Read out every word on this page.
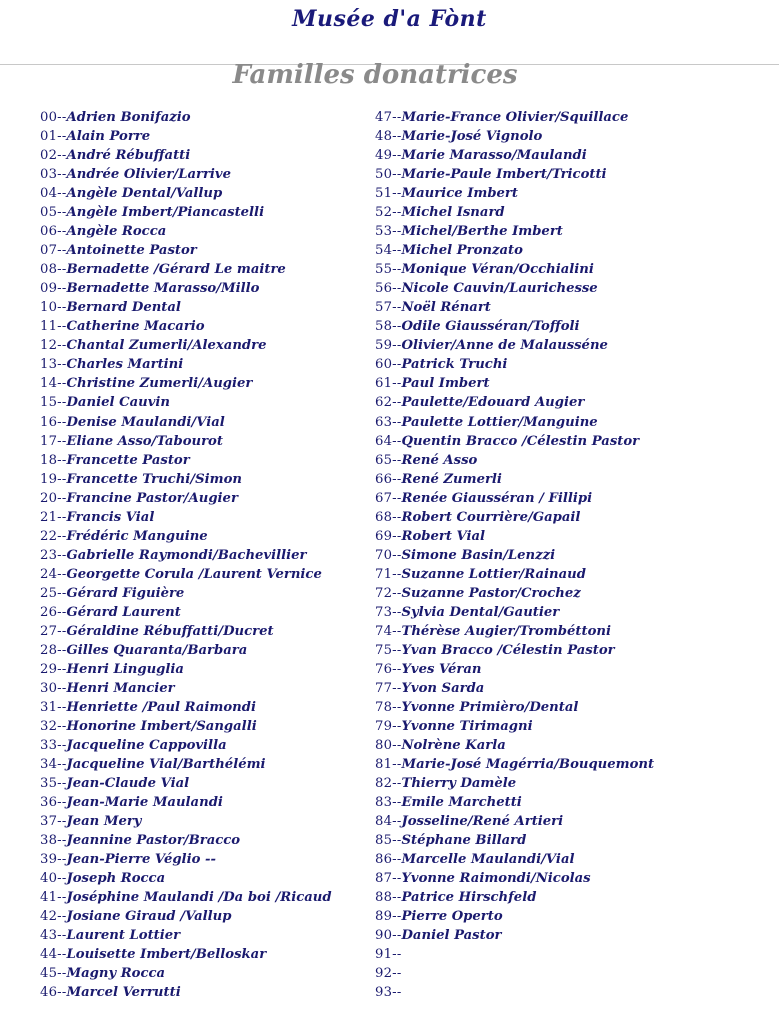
Musée d'a Fònt
Familles donatrices
00--Adrien Bonifazio
01--Alain Porre
02--André Rébuffatti
03--Andrée Olivier/Larrive
04--Angèle Dental/Vallup
05--Angèle Imbert/Piancastelli
06--Angèle Rocca
07--Antoinette Pastor
08--Bernadette /Gérard Le maitre
09--Bernadette Marasso/Millo
10--Bernard Dental
11--Catherine Macario
12--Chantal Zumerli/Alexandre
13--Charles Martini
14--Christine Zumerli/Augier
15--Daniel Cauvin
16--Denise Maulandi/Vial
17--Eliane Asso/Tabourot
18--Francette Pastor
19--Francette Truchi/Simon
20--Francine Pastor/Augier
21--Francis Vial
22--Frédéric Manguine
23--Gabrielle Raymondi/Bachevillier
24--Georgette Corula /Laurent Vernice
25--Gérard Figuière
26--Gérard Laurent
27--Géraldine Rébuffatti/Ducret
28--Gilles Quaranta/Barbara
29--Henri Linguglia
30--Henri Mancier
31--Henriette /Paul Raimondi
32--Honorine Imbert/Sangalli
33--Jacqueline Cappovilla
34--Jacqueline Vial/Barthélémi
35--Jean-Claude Vial
36--Jean-Marie Maulandi
37--Jean Mery
38--Jeannine Pastor/Bracco
39--Jean-Pierre Véglio --
40--Joseph Rocca
41--Joséphine Maulandi /Da boi /Ricaud
42--Josiane Giraud /Vallup
43--Laurent Lottier
44--Louisette Imbert/Belloskar
45--Magny Rocca
46--Marcel Verrutti
47--Marie-France Olivier/Squillace
48--Marie-José Vignolo
49--Marie Marasso/Maulandi
50--Marie-Paule Imbert/Tricotti
51--Maurice Imbert
52--Michel Isnard
53--Michel/Berthe Imbert
54--Michel Pronzato
55--Monique Véran/Occhialini
56--Nicole Cauvin/Laurichesse
57--Noël Rénart
58--Odile Giausséran/Toffoli
59--Olivier/Anne de Malausséne
60--Patrick Truchi
61--Paul Imbert
62--Paulette/Edouard Augier
63--Paulette Lottier/Manguine
64--Quentin Bracco /Célestin Pastor
65--René Asso
66--René Zumerli
67--Renée Giausséran / Fillipi
68--Robert Courrière/Gapail
69--Robert Vial
70--Simone Basin/Lenzzi
71--Suzanne Lottier/Rainaud
72--Suzanne Pastor/Crochez
73--Sylvia Dental/Gautier
74--Thérèse Augier/Trombéttoni
75--Yvan Bracco /Célestin Pastor
76--Yves Véran
77--Yvon Sarda
78--Yvonne Primièro/Dental
79--Yvonne Tirimagni
80--Nolrène Karla
81--Marie-José Magérria/Bouquemont
82--Thierry Damèle
83--Emile Marchetti
84--Josseline/René Artieri
85--Stéphane Billard
86--Marcelle Maulandi/Vial
87--Yvonne Raimondi/Nicolas
88--Patrice Hirschfeld
89--Pierre Operto
90--Daniel Pastor
91--
92--
93--
